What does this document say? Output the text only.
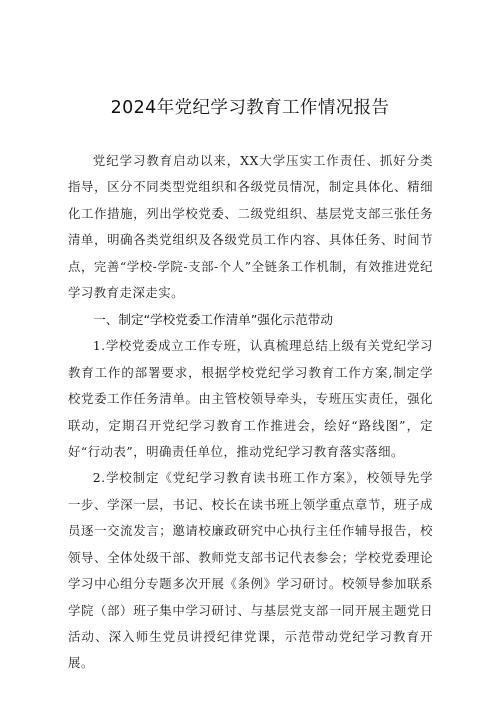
2024年党纪学习教育工作情况报告

党纪学习教育启动以来，XX大学压实工作责任、抓好分类指导，区分不同类型党组织和各级党员情况，制定具体化、精细化工作措施，列出学校党委、二级党组织、基层党支部三张任务清单，明确各类党组织及各级党员工作内容、具体任务、时间节点，完善“学校-学院-支部-个人”全链条工作机制，有效推进党纪学习教育走深走实。

一、制定“学校党委工作清单”强化示范带动

1.学校党委成立工作专班，认真梳理总结上级有关党纪学习教育工作的部署要求，根据学校党纪学习教育工作方案,制定学校党委工作任务清单。由主管校领导牵头，专班压实责任，强化联动，定期召开党纪学习教育工作推进会，绘好“路线图”，定好“行动表”，明确责任单位，推动党纪学习教育落实落细。

2.学校制定《党纪学习教育读书班工作方案》，校领导先学一步、学深一层，书记、校长在读书班上领学重点章节，班子成员逐一交流发言；邀请校廉政研究中心执行主任作辅导报告，校领导、全体处级干部、教师党支部书记代表参会；学校党委理论学习中心组分专题多次开展《条例》学习研讨。校领导参加联系学院（部）班子集中学习研讨、与基层党支部一同开展主题党日活动、深入师生党员讲授纪律党课，示范带动党纪学习教育开展。
